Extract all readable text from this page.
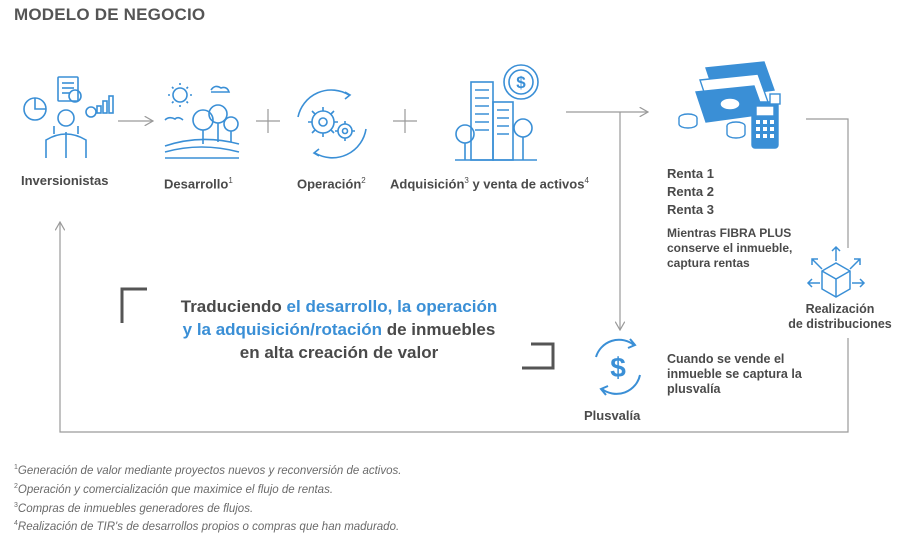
MODELO DE NEGOCIO
$
$
Inversionistas	Desarrollo$^1$	Operación$^2$ Adquisición$^3$ y venta de activos$^4$	Renta 1
Renta 2
Renta 3
Mientras FIBRA PLUS
conserve el inmueble,
captura rentas
Realización
de distribuciones
Plusvalía
Cuando se vende el
inmueble se captura la
plusvalía
Traduciendo el desarrollo, la operación
y la adquisición/rotación de inmuebles
en alta creación de valor
$^1$Generación de valor mediante proyectos nuevos y reconversión de activos.
$^2$Operación y comercialización que maximice el flujo de rentas.
$^3$Compras de inmuebles generadores de flujos.
$^4$Realización de TIR's de desarrollos propios o compras que han madurado.
